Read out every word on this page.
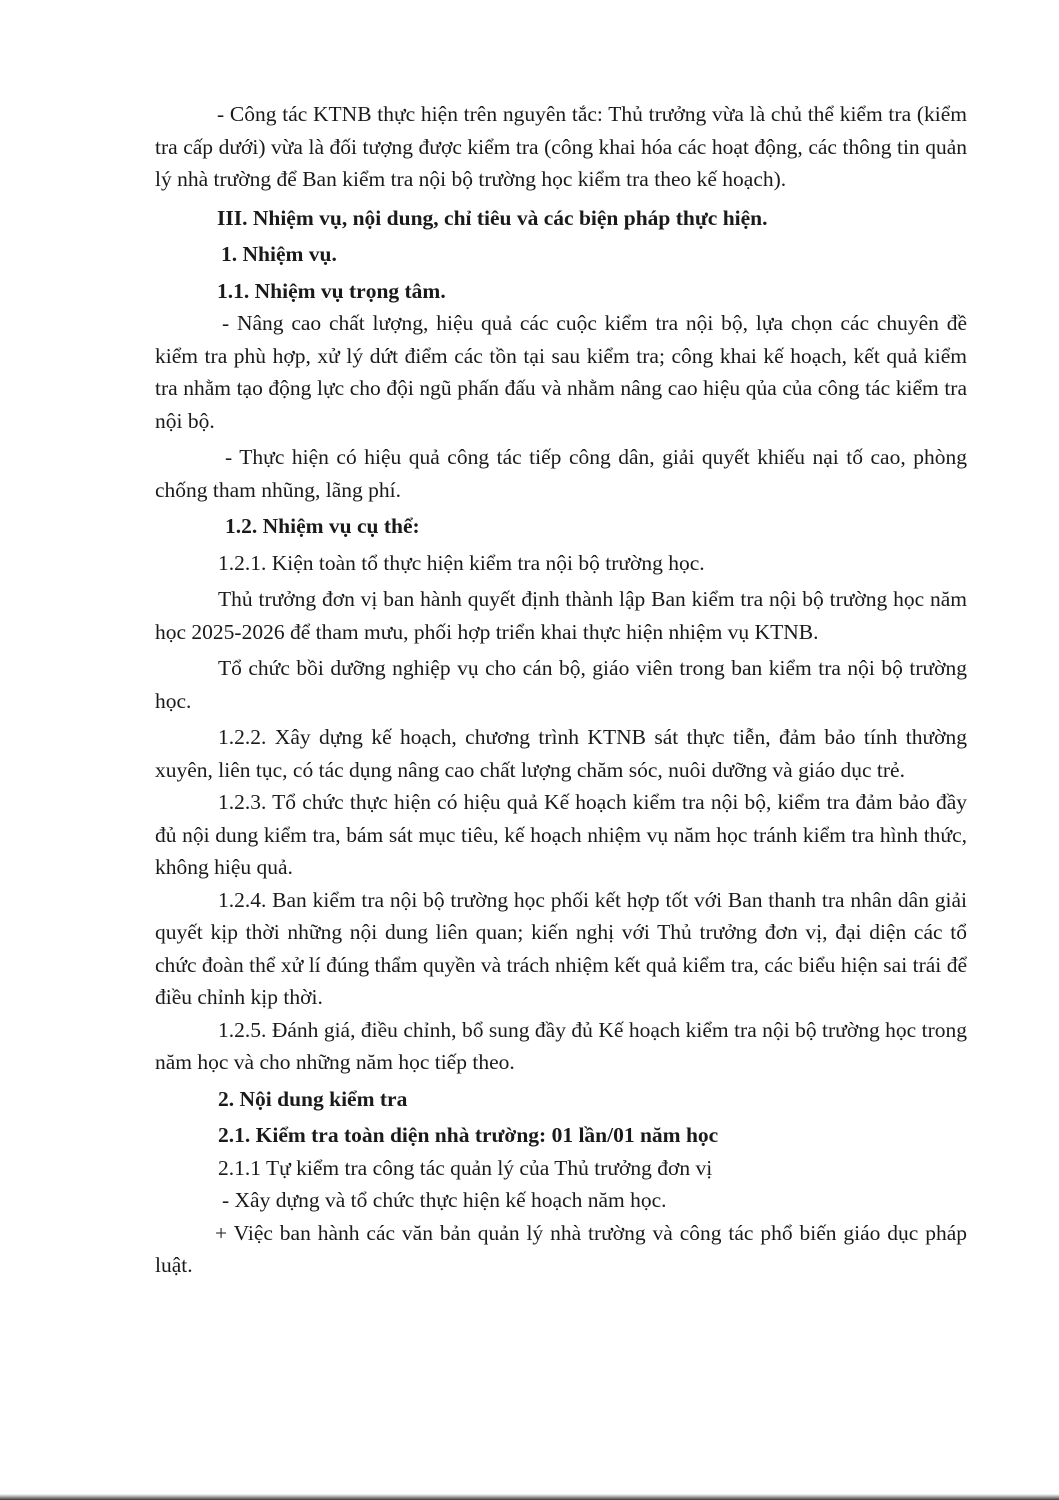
- Công tác KTNB thực hiện trên nguyên tắc: Thủ trưởng vừa là chủ thể kiểm tra (kiểm tra cấp dưới) vừa là đối tượng được kiểm tra (công khai hóa các hoạt động, các thông tin quản lý nhà trường để Ban kiểm tra nội bộ trường học kiểm tra theo kế hoạch).

III. Nhiệm vụ, nội dung, chỉ tiêu và các biện pháp thực hiện.

1. Nhiệm vụ.

1.1. Nhiệm vụ trọng tâm.

- Nâng cao chất lượng, hiệu quả các cuộc kiểm tra nội bộ, lựa chọn các chuyên đề kiểm tra phù hợp, xử lý dứt điểm các tồn tại sau kiểm tra; công khai kế hoạch, kết quả kiểm tra nhằm tạo động lực cho đội ngũ phấn đấu và nhằm nâng cao hiệu qủa của công tác kiểm tra nội bộ.

- Thực hiện có hiệu quả công tác tiếp công dân, giải quyết khiếu nại tố cao, phòng chống tham nhũng, lãng phí.

1.2. Nhiệm vụ cụ thể:

1.2.1. Kiện toàn tổ thực hiện kiểm tra nội bộ trường học.

Thủ trưởng đơn vị ban hành quyết định thành lập Ban kiểm tra nội bộ trường học năm học 2025-2026 để tham mưu, phối hợp triển khai thực hiện nhiệm vụ KTNB.

Tổ chức bồi dưỡng nghiệp vụ cho cán bộ, giáo viên trong ban kiểm tra nội bộ trường học.

1.2.2. Xây dựng kế hoạch, chương trình KTNB sát thực tiễn, đảm bảo tính thường xuyên, liên tục, có tác dụng nâng cao chất lượng chăm sóc, nuôi dưỡng và giáo dục trẻ.

1.2.3. Tổ chức thực hiện có hiệu quả Kế hoạch kiểm tra nội bộ, kiểm tra đảm bảo đầy đủ nội dung kiểm tra, bám sát mục tiêu, kế hoạch nhiệm vụ năm học tránh kiểm tra hình thức, không hiệu quả.

1.2.4. Ban kiểm tra nội bộ trường học phối kết hợp tốt với Ban thanh tra nhân dân giải quyết kịp thời những nội dung liên quan; kiến nghị với Thủ trưởng đơn vị, đại diện các tổ chức đoàn thể xử lí đúng thẩm quyền và trách nhiệm kết quả kiểm tra, các biểu hiện sai trái để điều chỉnh kịp thời.

1.2.5. Đánh giá, điều chỉnh, bổ sung đầy đủ Kế hoạch kiểm tra nội bộ trường học trong năm học và cho những năm học tiếp theo.

2. Nội dung kiểm tra

2.1. Kiểm tra toàn diện nhà trường: 01 lần/01 năm học

2.1.1 Tự kiểm tra công tác quản lý của Thủ trưởng đơn vị

- Xây dựng và tổ chức thực hiện kế hoạch năm học.

+ Việc ban hành các văn bản quản lý nhà trường và công tác phổ biến giáo dục pháp luật.
